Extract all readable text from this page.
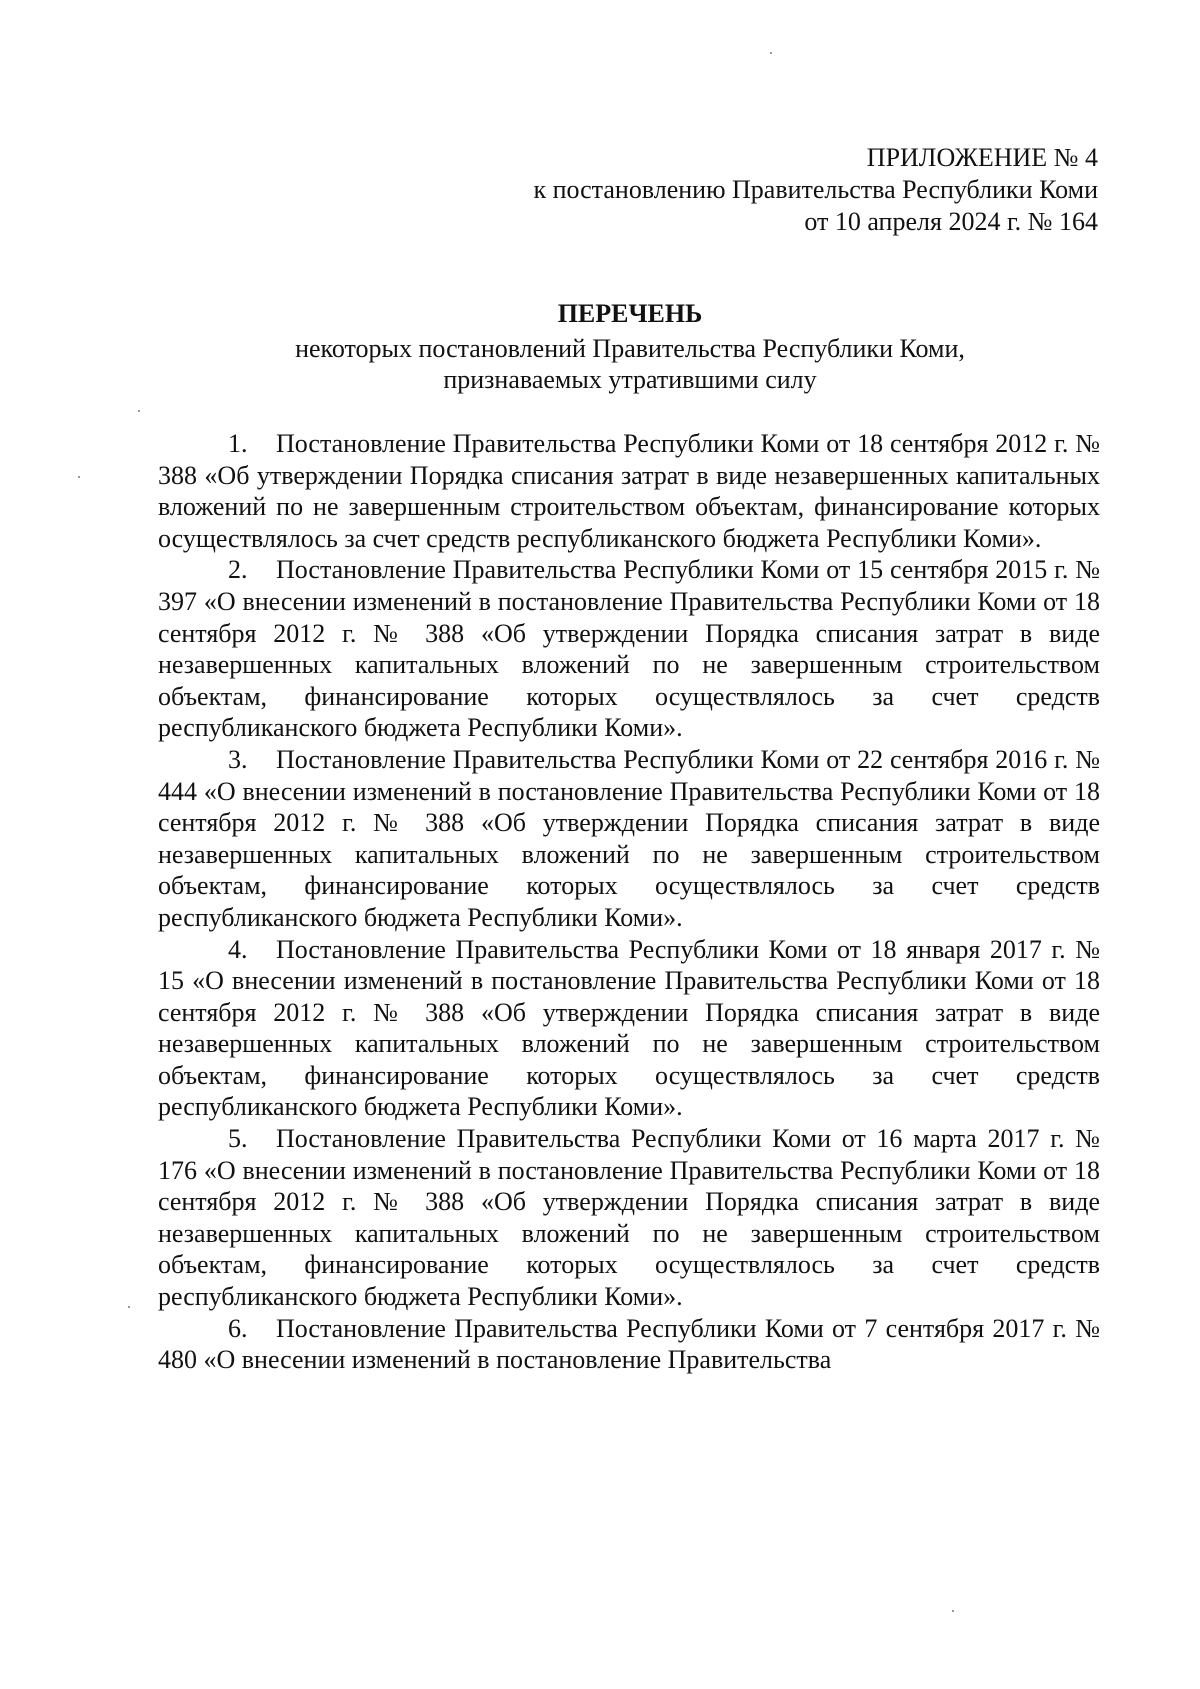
ПРИЛОЖЕНИЕ № 4
к постановлению Правительства Республики Коми
от 10 апреля 2024 г. № 164
ПЕРЕЧЕНЬ
некоторых постановлений Правительства Республики Коми,
признаваемых утратившими силу

1. Постановление Правительства Республики Коми от 18 сентября 2012 г. № 388 «Об утверждении Порядка списания затрат в виде незавершенных капитальных вложений по не завершенным строительством объектам, финансирование которых осуществлялось за счет средств республиканского бюджета Республики Коми».

2. Постановление Правительства Республики Коми от 15 сентября 2015 г. № 397 «О внесении изменений в постановление Правительства Республики Коми от 18 сентября 2012 г. № 388 «Об утверждении Порядка списания затрат в виде незавершенных капитальных вложений по не завершенным строительством объектам, финансирование которых осуществлялось за счет средств республиканского бюджета Республики Коми».

3. Постановление Правительства Республики Коми от 22 сентября 2016 г. № 444 «О внесении изменений в постановление Правительства Республики Коми от 18 сентября 2012 г. № 388 «Об утверждении Порядка списания затрат в виде незавершенных капитальных вложений по не завершенным строительством объектам, финансирование которых осуществлялось за счет средств республиканского бюджета Республики Коми».

4. Постановление Правительства Республики Коми от 18 января 2017 г. № 15 «О внесении изменений в постановление Правительства Республики Коми от 18 сентября 2012 г. № 388 «Об утверждении Порядка списания затрат в виде незавершенных капитальных вложений по не завершенным строительством объектам, финансирование которых осуществлялось за счет средств республиканского бюджета Республики Коми».

5. Постановление Правительства Республики Коми от 16 марта 2017 г. № 176 «О внесении изменений в постановление Правительства Республики Коми от 18 сентября 2012 г. № 388 «Об утверждении Порядка списания затрат в виде незавершенных капитальных вложений по не завершенным строительством объектам, финансирование которых осуществлялось за счет средств республиканского бюджета Республики Коми».

6. Постановление Правительства Республики Коми от 7 сентября 2017 г. № 480 «О внесении изменений в постановление Правительства
